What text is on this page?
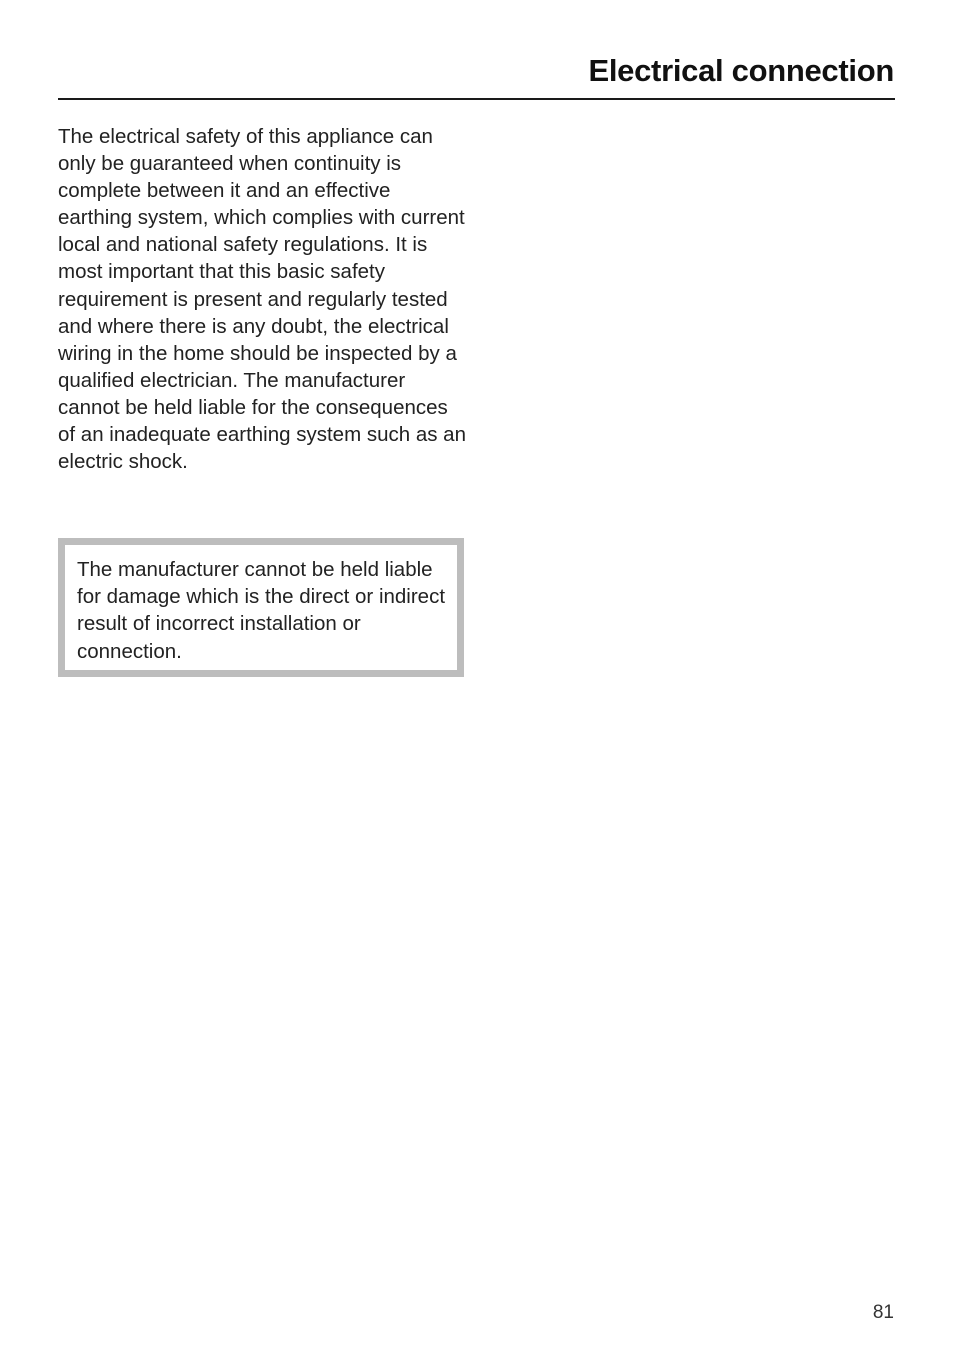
Electrical connection

The electrical safety of this appliance can only be guaranteed when continuity is complete between it and an effective earthing system, which complies with current local and national safety regulations. It is most important that this basic safety requirement is present and regularly tested and where there is any doubt, the electrical wiring in the home should be inspected by a qualified electrician. The manufacturer cannot be held liable for the consequences of an inadequate earthing system such as an electric shock.

The manufacturer cannot be held liable for damage which is the direct or indirect result of incorrect installation or connection.

81
